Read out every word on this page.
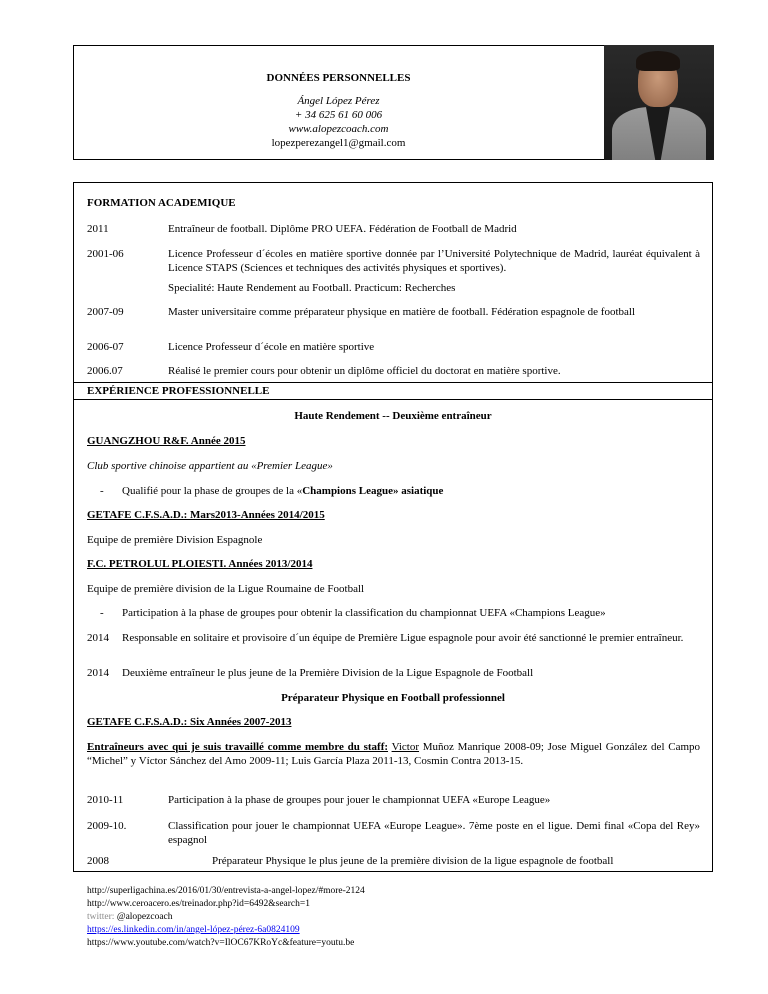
DONNÉES PERSONNELLES
Ángel López Pérez
+ 34 625 61 60 006
www.alopezcoach.com
lopezperezangel1@gmail.com
FORMATION ACADEMIQUE
2011	Entraîneur de football. Diplôme PRO UEFA. Fédération de Football de Madrid
2001-06	Licence Professeur d´écoles en matière sportive donnée par l’Université Polytechnique de Madrid, lauréat équivalent à Licence STAPS (Sciences et techniques des activités physiques et sportives).
Specialité: Haute Rendement au Football. Practicum: Recherches
2007-09	Master universitaire comme préparateur physique en matière de football. Fédération espagnole de football
2006-07	Licence Professeur d´école en matière sportive
2006.07	Réalisé le premier cours pour obtenir un diplôme officiel du doctorat en matière sportive.
EXPÉRIENCE PROFESSIONNELLE
Haute Rendement -- Deuxième entraîneur
GUANGZHOU R&F. Année 2015
Club sportive chinoise appartient au «Premier League»
- Qualifié pour la phase de groupes de la «Champions League» asiatique
GETAFE C.F.S.A.D.: Mars2013-Années 2014/2015
Equipe de première Division Espagnole
F.C. PETROLUL PLOIESTI. Années 2013/2014
Equipe de première division de la Ligue Roumaine de Football
- Participation à la phase de groupes pour obtenir la classification du championnat UEFA «Champions League»
2014 Responsable en solitaire et provisoire d´un équipe de Première Ligue espagnole pour avoir été sanctionné le premier entraîneur.
2014 Deuxième entraîneur le plus jeune de la Première Division de la Ligue Espagnole de Football
Préparateur Physique en Football professionnel
GETAFE C.F.S.A.D.: Six Années 2007-2013
Entraîneurs avec qui je suis travaillé comme membre du staff: Victor Muñoz Manrique 2008-09; Jose Miguel González del Campo “Michel” y Víctor Sánchez del Amo 2009-11; Luis García Plaza 2011-13, Cosmin Contra 2013-15.
2010-11	Participation à la phase de groupes pour jouer le championnat UEFA «Europe League»
2009-10.	Classification pour jouer le championnat UEFA «Europe League». 7ème poste en el ligue. Demi final «Copa del Rey» espagnol
2008	Préparateur Physique le plus jeune de la première division de la ligue espagnole de football
http://superligachina.es/2016/01/30/entrevista-a-angel-lopez/#more-2124
http://www.ceroacero.es/treinador.php?id=6492&search=1
twitter: @alopezcoach
https://es.linkedin.com/in/angel-lópez-pérez-6a0824109
https://www.youtube.com/watch?v=IlOC67KRoYc&feature=youtu.be
